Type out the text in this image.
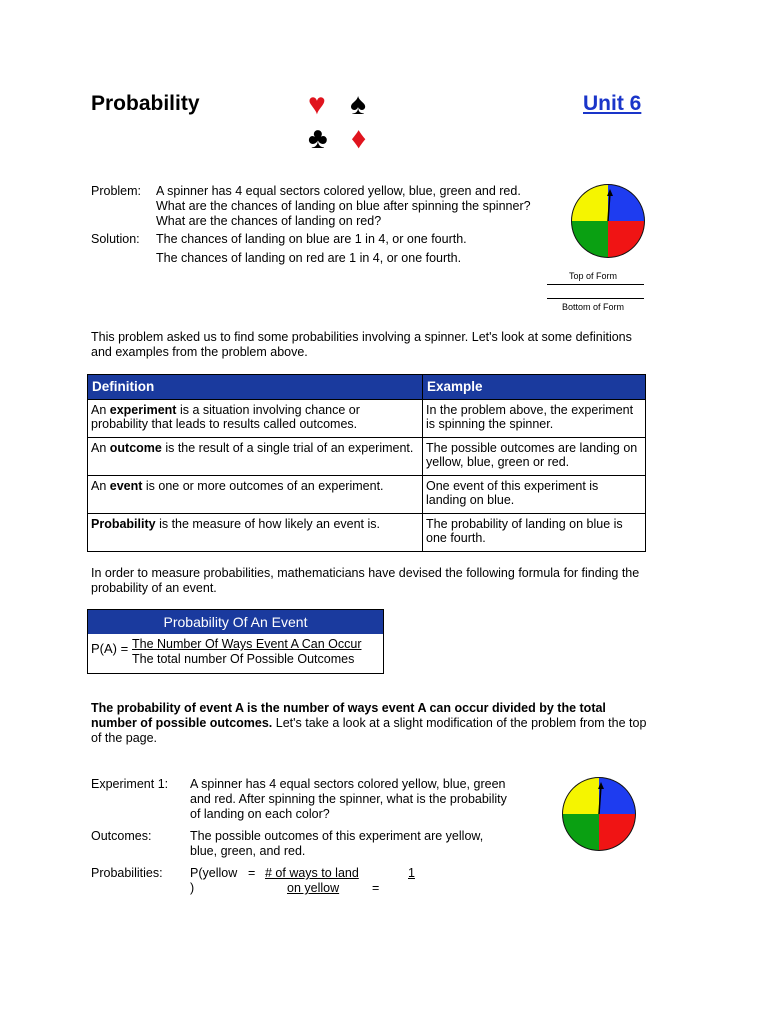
Probability	Unit 6
♥ ♠
♣ ♦
Problem: A spinner has 4 equal sectors colored yellow, blue, green and red. What are the chances of landing on blue after spinning the spinner? What are the chances of landing on red?
Solution: The chances of landing on blue are 1 in 4, or one fourth.
The chances of landing on red are 1 in 4, or one fourth.
Top of Form
Bottom of Form
This problem asked us to find some probabilities involving a spinner. Let's look at some definitions and examples from the problem above.
Definition	Example
An experiment is a situation involving chance or probability that leads to results called outcomes.	In the problem above, the experiment is spinning the spinner.
An outcome is the result of a single trial of an experiment.	The possible outcomes are landing on yellow, blue, green or red.
An event is one or more outcomes of an experiment.	One event of this experiment is landing on blue.
Probability is the measure of how likely an event is.	The probability of landing on blue is one fourth.
In order to measure probabilities, mathematicians have devised the following formula for finding the probability of an event.
Probability Of An Event
P(A) = The Number Of Ways Event A Can Occur
The total number Of Possible Outcomes
The probability of event A is the number of ways event A can occur divided by the total number of possible outcomes. Let's take a look at a slight modification of the problem from the top of the page.
Experiment 1: A spinner has 4 equal sectors colored yellow, blue, green and red. After spinning the spinner, what is the probability of landing on each color?
Outcomes:	The possible outcomes of this experiment are yellow, blue, green, and red.
Probabilities: P(yellow
)
= # of ways to land
on yellow	=
1
